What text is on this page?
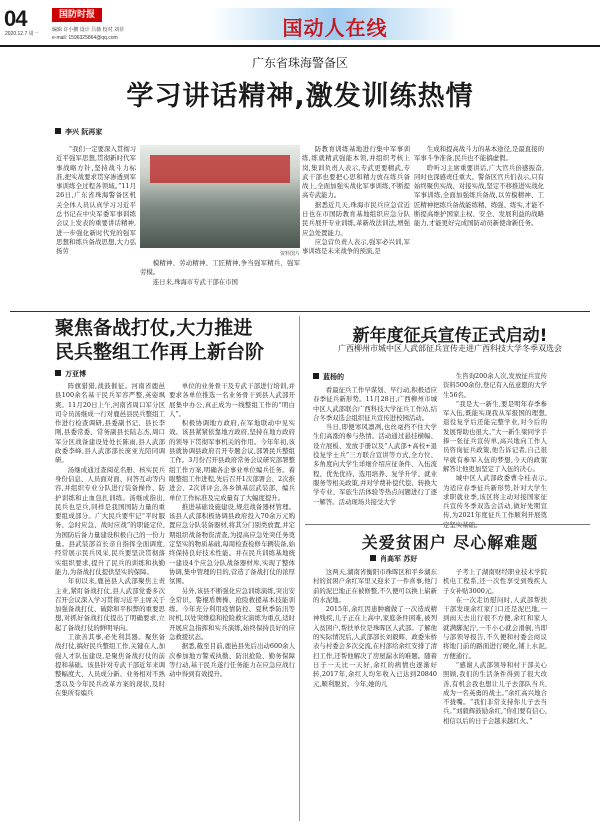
04
2020.12.7 周一
国防时报
编辑 许小鹏 设计 吕薇 校对 刘菲
e-mail: 1596325864@qq.com	国动人在线
广东省珠海警备区
学习讲话精神,激发训练热情
李兴 阮再家

“我们一定要深入贯彻习近平强军思想,贯彻新时代军事战略方针,坚持战斗力标准,把实战要求贯穿渗透到军事训练全过程各领域。”11月26日,广东省珠海警备区机关全体人员认真学习习近平总书记在中央军委军事训练会议上发表的重要讲话精神,进一步强化新时代党的强军思想和练兵备战思想,大力弘扬劳	资料图片

模精神、劳动精神、工匠精神,争当强军精兵、强军劳模。

连日来,珠海市专武干部在市国

防教育训练基地进行集中军事训练,练就精武强能本领,并组织考核上岗,集训负责人表示,专武更要精武,专武干部也要把心思和精力放在练兵备战上,全面加强实战化军事训练,不断提高专武能力。

据悉近几天,珠海市民兵应急营近日也在市国防教育基地组织应急分队民兵展开专业训练,革新战法训法,增强应急处置能力。

应急营负责人表示,强军必兴训,军事训练是未来战争的预演,是

生成和提高战斗力的基本途径,是最直接的军事斗争准备,民兵也不能搞虚假。

聆听习主席重要讲话,广大官兵倍感振奋,同时也深感责任重大。警备区官兵们表示,只有始终聚焦实战、对接实战,坚定不移推进实战化军事训练,全面加强练兵备战,以劳模精神、工匠精神把练兵备战能练精、练强、练实,才能不断提高维护国家主权、安全、发展利益的战略能力,才能更好完成国防动员新使命新任务。

聚焦备战打仗,大力推进
民兵整组工作再上新台阶
万亚博

阵旗猎猎,战鼓催征。河南省鹿邑县100余名基干民兵军容严整,英姿飒爽。11月20日上午,河南省周口军分区司令员汤继成一行对鹿邑县民兵整组工作进行检查调研,县委副书记、县长李刚,县委常委、常务副县长陆志杰,周口军分区战备建设处处长陈雨,县人武部政委李峰,县人武部部长庞亚光陪同调研。

汤继成通过查阅花名册、核实民兵身份信息、人员面对面、问答互动等内容,并组织专业分队进行装备操作、防护训练和止血包扎训练。汤继成指出,民兵也是兵,同样是我国国防力量的重要组成部分。广大民兵要牢记“平时服务、急时应急、战时应战”的职能定位,为国防后备力量建设积极自己的一份力量。县武装部首长亲自指挥全面调度,经常展示民兵风采,民兵要坚决贯彻落实组织要求,提升了民兵的训练和执勤能力,为备战打仗提供坚实的保障。

年初以来,鹿邑县人武部聚焦主责主业,紧盯备战打仗,县人武部党委多次召开会议深入学习贯彻习近平主席关于加强备战打仗、破除和平积弊的重要思想,对抓好备战打仗提出了明确要求,立起了备战打仗的鲜明导向。

工欲善其事,必先利其器。聚焦备战打仗,搞好民兵整组工作,关键在人,加强人才队伍建设,是聚焦备战打仗的前提和基础。该县针对专武干部近年来调整幅度大、人员成分新、业务相对不熟悉以及今年民兵改革方案的现状,及时在集所有编兵

单位的业务骨干及专武干部进行培训,并要求各单位推选一名业务骨干到县人武部开展集中办公,真正成为一线整组工作的“明白人”。

积极协调地方政府,在军地联动中见实效。该县紧紧依靠地方政府,坚持在地方政府的领导下贯彻军事机关的作用。今年年初,该县就协调县政府召开专题会议,部署民兵整组工作。3月份召开县政府常务会议研究部署整组工作方案,明确各企事业单位编兵任务。着眼整组工作进程,先后召开1次部署会、2次推进会、2次讲评会,各乡镇基层武装部、编兵单位工作标准及完成量有了大幅度提升。

推进基础设施建设,规范战备器材管理。该县人武部积极协调县政府投入70余万元购置应急分队装备器材,将其分门别类放置,并定期组织战备物资清查,为提高应急处突任务奠定坚实的物质基础,每周检查检修车辆装备,始终保持良好技术性能。并在民兵训练基地统一建设4个应急分队战备器材库,实现了整体协调,集中管理的目的,营造了备战打仗的浓厚氛围。

另外,该县不断强化应急训练演练,突出安全常识、警棍盾牌操、抢险救援基本技能训练。今年充分利用疫情防控、夏秋季防汛等时机,以处突维稳和抢险救灾演练为重点,适时开展应急指挥和实兵演练,始终保持良好的应急救援状态。

据悉,截至目前,鹿邑县先后出动600余人次参加地方警戒执勤、防汛抢险、勤务保障等行动,基干民兵遂行任务能力在应急应战行动中得到有效提升。

新年度征兵宣传正式启动!
广西柳州市城中区人武部征兵宣传走进广西科技大学冬季双选会
蓝杨的

看最征兵工作早谋划、早行动,积极适应春季征兵新形势。11月28日,广西柳州市城中区人武部联合广西科技大学征兵工作站,结合冬季双选会组织征兵宣传进校园活动。

当日,即便寒风凛冽,也丝毫挡不住大学生们高涨的参与热情。活动通过悬挂横幅、设立展板、发放手册以及“人武部+高校+退役复学士兵”三方联合宣讲等方式,全方位、多角度向大学生详细介绍应征条件、入伍流程、优先优待、选用培养、复学升学、就业服务等相关政策,并对学费补偿代偿、转换大学专业、军旅生活体验等热点问题进行了逐一解答。活动现场共接受大学

生咨询200余人次,发放征兵宣传资料500余份,登记有入伍意愿的大学生56名。

“我是大一新生,要是明年春季参军入伍,既能实现我从军报国的理想,退役复学后还能完整学业,对今后的发展帮助也很大。”大一新生梁同学手捧一张征兵宣传单,高兴地向工作人员咨询征兵政策,他告诉记者,自己很早就有参军入伍的梦想,今天的政策解答让他更加坚定了入伍的决心。

城中区人武部政委曹令桂表示,为适应春季征兵新形势,针对大学生求职就业季,该区将主动对接国家征兵宣传冬季双选会活动,做好先期宣传,为2021年度征兵工作顺利开展奠

关爱贫困户 尽心解难题
肖高军 苏好

这两天,湖南省衡阳市珠晖区和平乡湖东村的贫困户余红军里又迎来了一件喜事,他门前的泥巴地正在被修整,不久便可以换上崭新的水泥地。

2015年,余红因患肿瘤做了一次造成精神残疾,儿子正在上高中,家庭条件困难,被列入贫困户,帮扶单位是珠晖区人武部。了解他的实际情况后,人武部部长刘毅辉、政委朱桥表与村委会多次交流,在村部给余红安排了清扫工作,还帮他解决了房屋漏水的难题。随着日子一天比一天好,余红的病情也逐渐好转,2017年,余红人均年收入已达到20840元,顺利脱贫。今年,她的儿

子考上了湖南财经职业技术学院机电工程系,还一次性享受到残疾人子女补贴3000元。

在一次走访慰问时,人武部帮扶干部发现余红家门口还是泥巴地,一到雨天去出行很不方便,余红和家人就满脚泥泞,一不小心就会滑倒,当即与部领导报告,不久便和村委会商议将地门前的路面进行硬化,铺上水泥,方便通行。

“感谢人武部领导和村干部关心照顾,我们的生活条件得到了很大改善,有机会我也想让儿子去部队当兵,成为一名英勇的战士。”余红高兴地合不拢嘴。“我们非常支持你儿子去当兵。”刘毅辉鼓励余红,“你们要有信心,相信以后的日子会越来越红火。”
